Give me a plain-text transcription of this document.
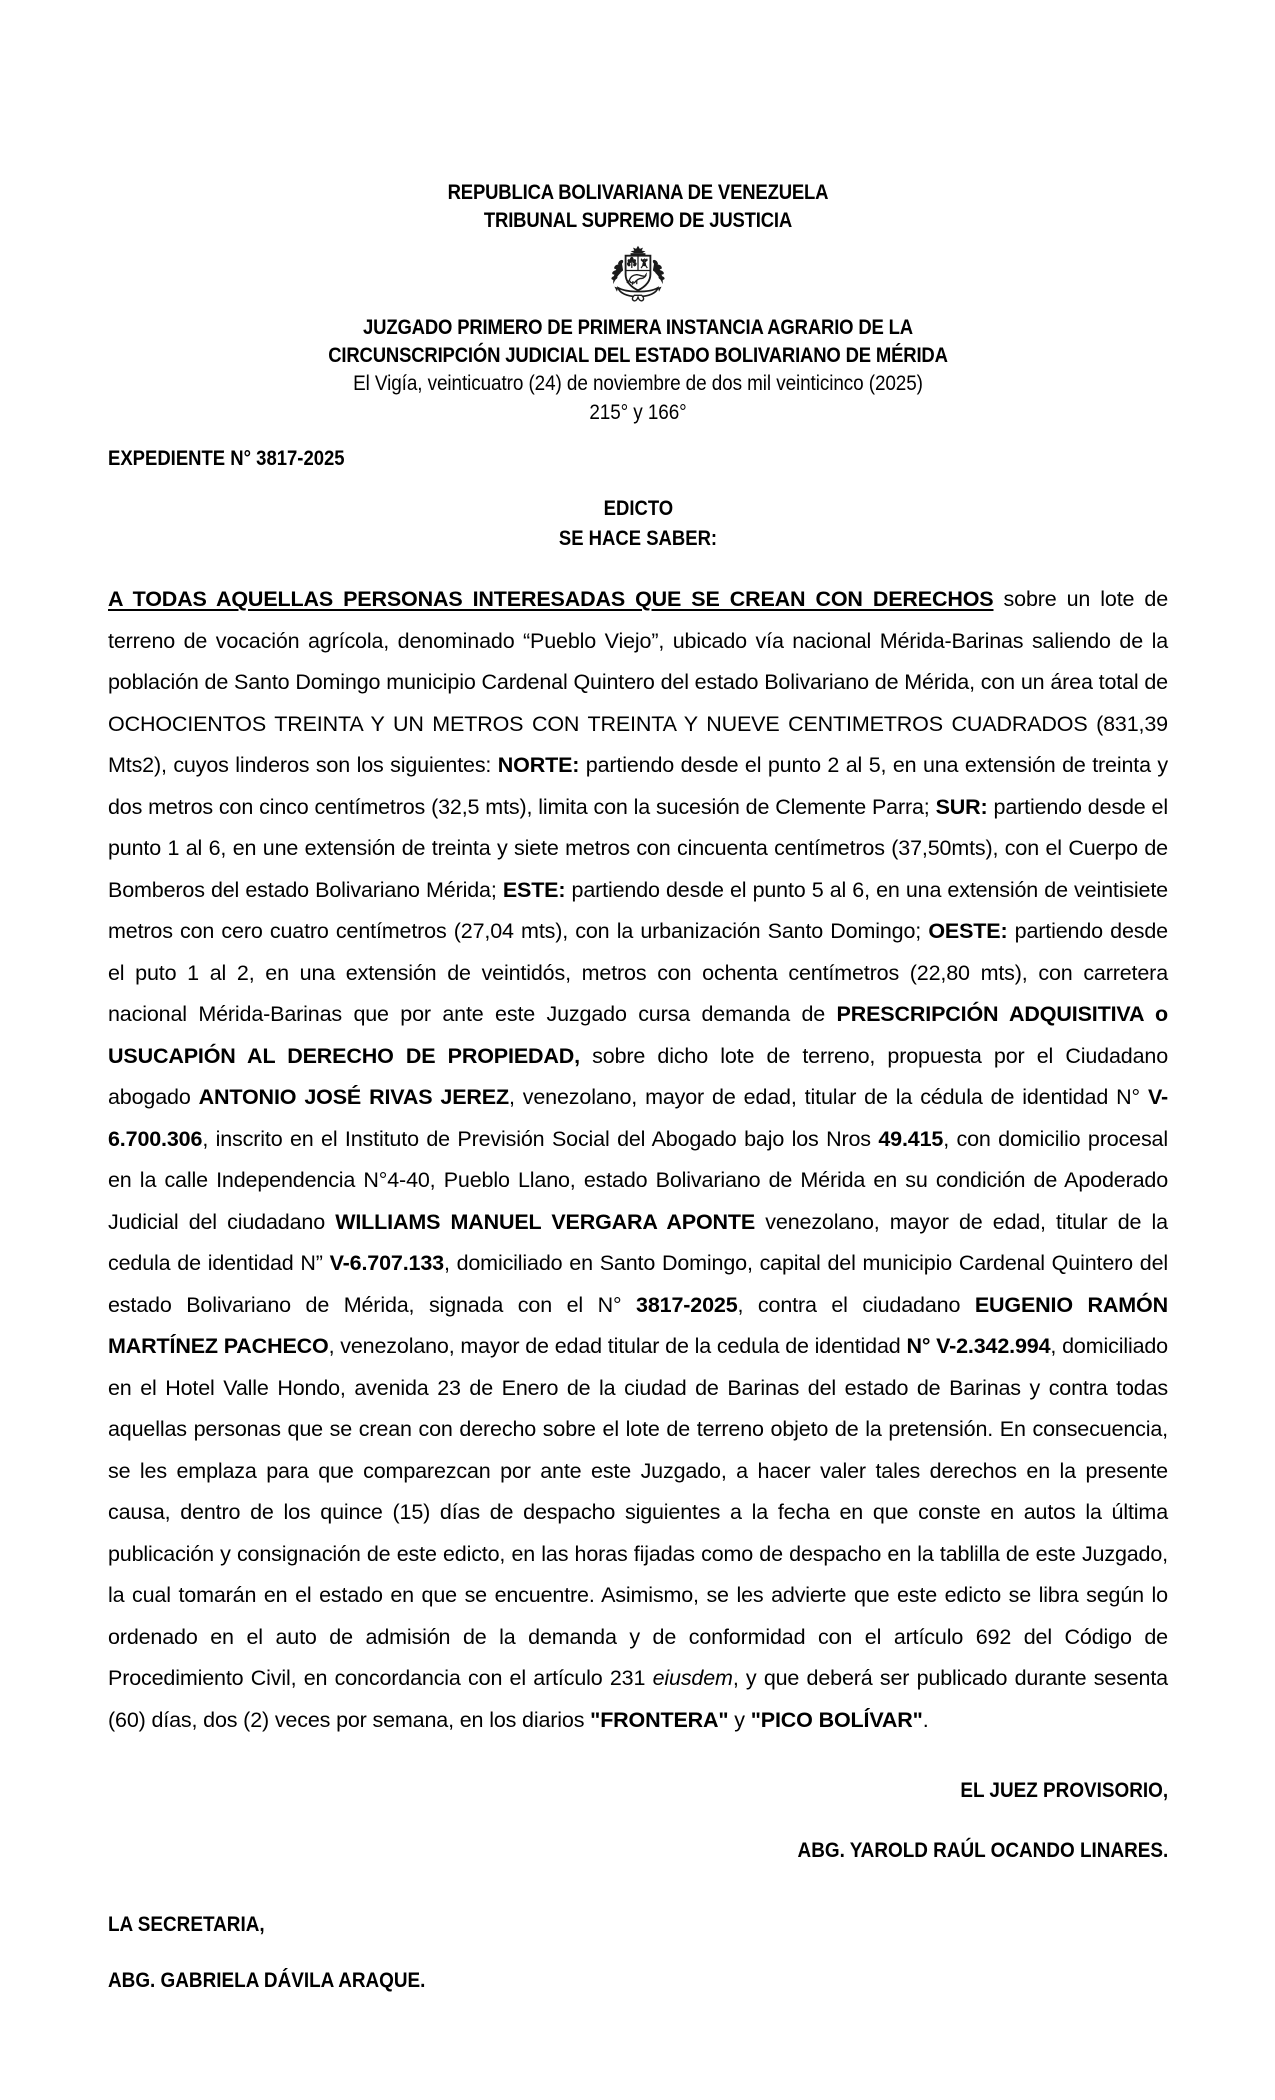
REPUBLICA BOLIVARIANA DE VENEZUELA
TRIBUNAL SUPREMO DE JUSTICIA
JUZGADO PRIMERO DE PRIMERA INSTANCIA AGRARIO DE LA
CIRCUNSCRIPCIÓN JUDICIAL DEL ESTADO BOLIVARIANO DE MÉRIDA
El Vigía, veinticuatro (24) de noviembre de dos mil veinticinco (2025)
215° y 166°
EXPEDIENTE N° 3817-2025
EDICTO
SE HACE SABER:

A TODAS AQUELLAS PERSONAS INTERESADAS QUE SE CREAN CON DERECHOS sobre un lote de terreno de vocación agrícola, denominado “Pueblo Viejo”, ubicado vía nacional Mérida-Barinas saliendo de la población de Santo Domingo municipio Cardenal Quintero del estado Bolivariano de Mérida, con un área total de OCHOCIENTOS TREINTA Y UN METROS CON TREINTA Y NUEVE CENTIMETROS CUADRADOS (831,39 Mts2), cuyos linderos son los siguientes: NORTE: partiendo desde el punto 2 al 5, en una extensión de treinta y dos metros con cinco centímetros (32,5 mts), limita con la sucesión de Clemente Parra; SUR: partiendo desde el punto 1 al 6, en une extensión de treinta y siete metros con cincuenta centímetros (37,50mts), con el Cuerpo de Bomberos del estado Bolivariano Mérida; ESTE: partiendo desde el punto 5 al 6, en una extensión de veintisiete metros con cero cuatro centímetros (27,04 mts), con la urbanización Santo Domingo; OESTE: partiendo desde el puto 1 al 2, en una extensión de veintidós, metros con ochenta centímetros (22,80 mts), con carretera nacional Mérida-Barinas que por ante este Juzgado cursa demanda de PRESCRIPCIÓN ADQUISITIVA o USUCAPIÓN AL DERECHO DE PROPIEDAD, sobre dicho lote de terreno, propuesta por el Ciudadano abogado ANTONIO JOSÉ RIVAS JEREZ, venezolano, mayor de edad, titular de la cédula de identidad N° V-6.700.306, inscrito en el Instituto de Previsión Social del Abogado bajo los Nros 49.415, con domicilio procesal en la calle Independencia N°4-40, Pueblo Llano, estado Bolivariano de Mérida en su condición de Apoderado Judicial del ciudadano WILLIAMS MANUEL VERGARA APONTE venezolano, mayor de edad, titular de la cedula de identidad N” V-6.707.133, domiciliado en Santo Domingo, capital del municipio Cardenal Quintero del estado Bolivariano de Mérida, signada con el N° 3817-2025, contra el ciudadano EUGENIO RAMÓN MARTÍNEZ PACHECO, venezolano, mayor de edad titular de la cedula de identidad N° V-2.342.994, domiciliado en el Hotel Valle Hondo, avenida 23 de Enero de la ciudad de Barinas del estado de Barinas y contra todas aquellas personas que se crean con derecho sobre el lote de terreno objeto de la pretensión. En consecuencia, se les emplaza para que comparezcan por ante este Juzgado, a hacer valer tales derechos en la presente causa, dentro de los quince (15) días de despacho siguientes a la fecha en que conste en autos la última publicación y consignación de este edicto, en las horas fijadas como de despacho en la tablilla de este Juzgado, la cual tomarán en el estado en que se encuentre. Asimismo, se les advierte que este edicto se libra según lo ordenado en el auto de admisión de la demanda y de conformidad con el artículo 692 del Código de Procedimiento Civil, en concordancia con el artículo 231 eiusdem, y que deberá ser publicado durante sesenta (60) días, dos (2) veces por semana, en los diarios "FRONTERA" y "PICO BOLÍVAR".

EL JUEZ PROVISORIO,
ABG. YAROLD RAÚL OCANDO LINARES.
LA SECRETARIA,
ABG. GABRIELA DÁVILA ARAQUE.
